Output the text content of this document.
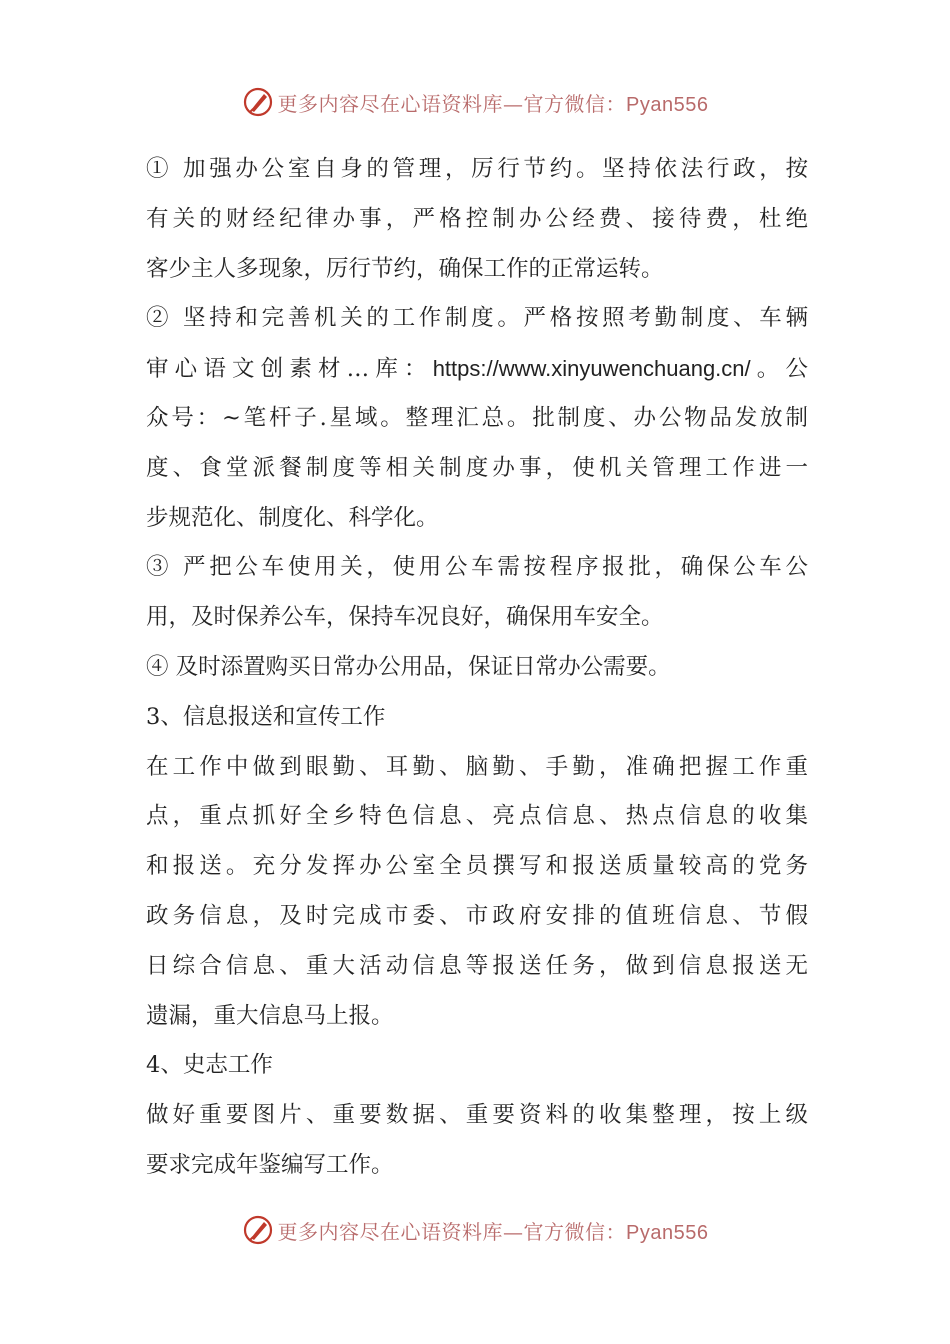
更多内容尽在心语资料库—官方微信：Pyan556
① 加强办公室自身的管理，厉行节约。坚持依法行政，按
有关的财经纪律办事，严格控制办公经费、接待费，杜绝
客少主人多现象，厉行节约，确保工作的正常运转。
② 坚持和完善机关的工作制度。严格按照考勤制度、车辆
审心语文创素材…库：https://www.xinyuwenchuang.cn/。公
众号：~笔杆子.星域。整理汇总。批制度、办公物品发放制
度、食堂派餐制度等相关制度办事，使机关管理工作进一
步规范化、制度化、科学化。
③ 严把公车使用关，使用公车需按程序报批，确保公车公
用，及时保养公车，保持车况良好，确保用车安全。
④ 及时添置购买日常办公用品，保证日常办公需要。
3、信息报送和宣传工作
在工作中做到眼勤、耳勤、脑勤、手勤，准确把握工作重
点，重点抓好全乡特色信息、亮点信息、热点信息的收集
和报送。充分发挥办公室全员撰写和报送质量较高的党务
政务信息，及时完成市委、市政府安排的值班信息、节假
日综合信息、重大活动信息等报送任务，做到信息报送无
遗漏，重大信息马上报。
4、史志工作
做好重要图片、重要数据、重要资料的收集整理，按上级
要求完成年鉴编写工作。
更多内容尽在心语资料库—官方微信：Pyan556
